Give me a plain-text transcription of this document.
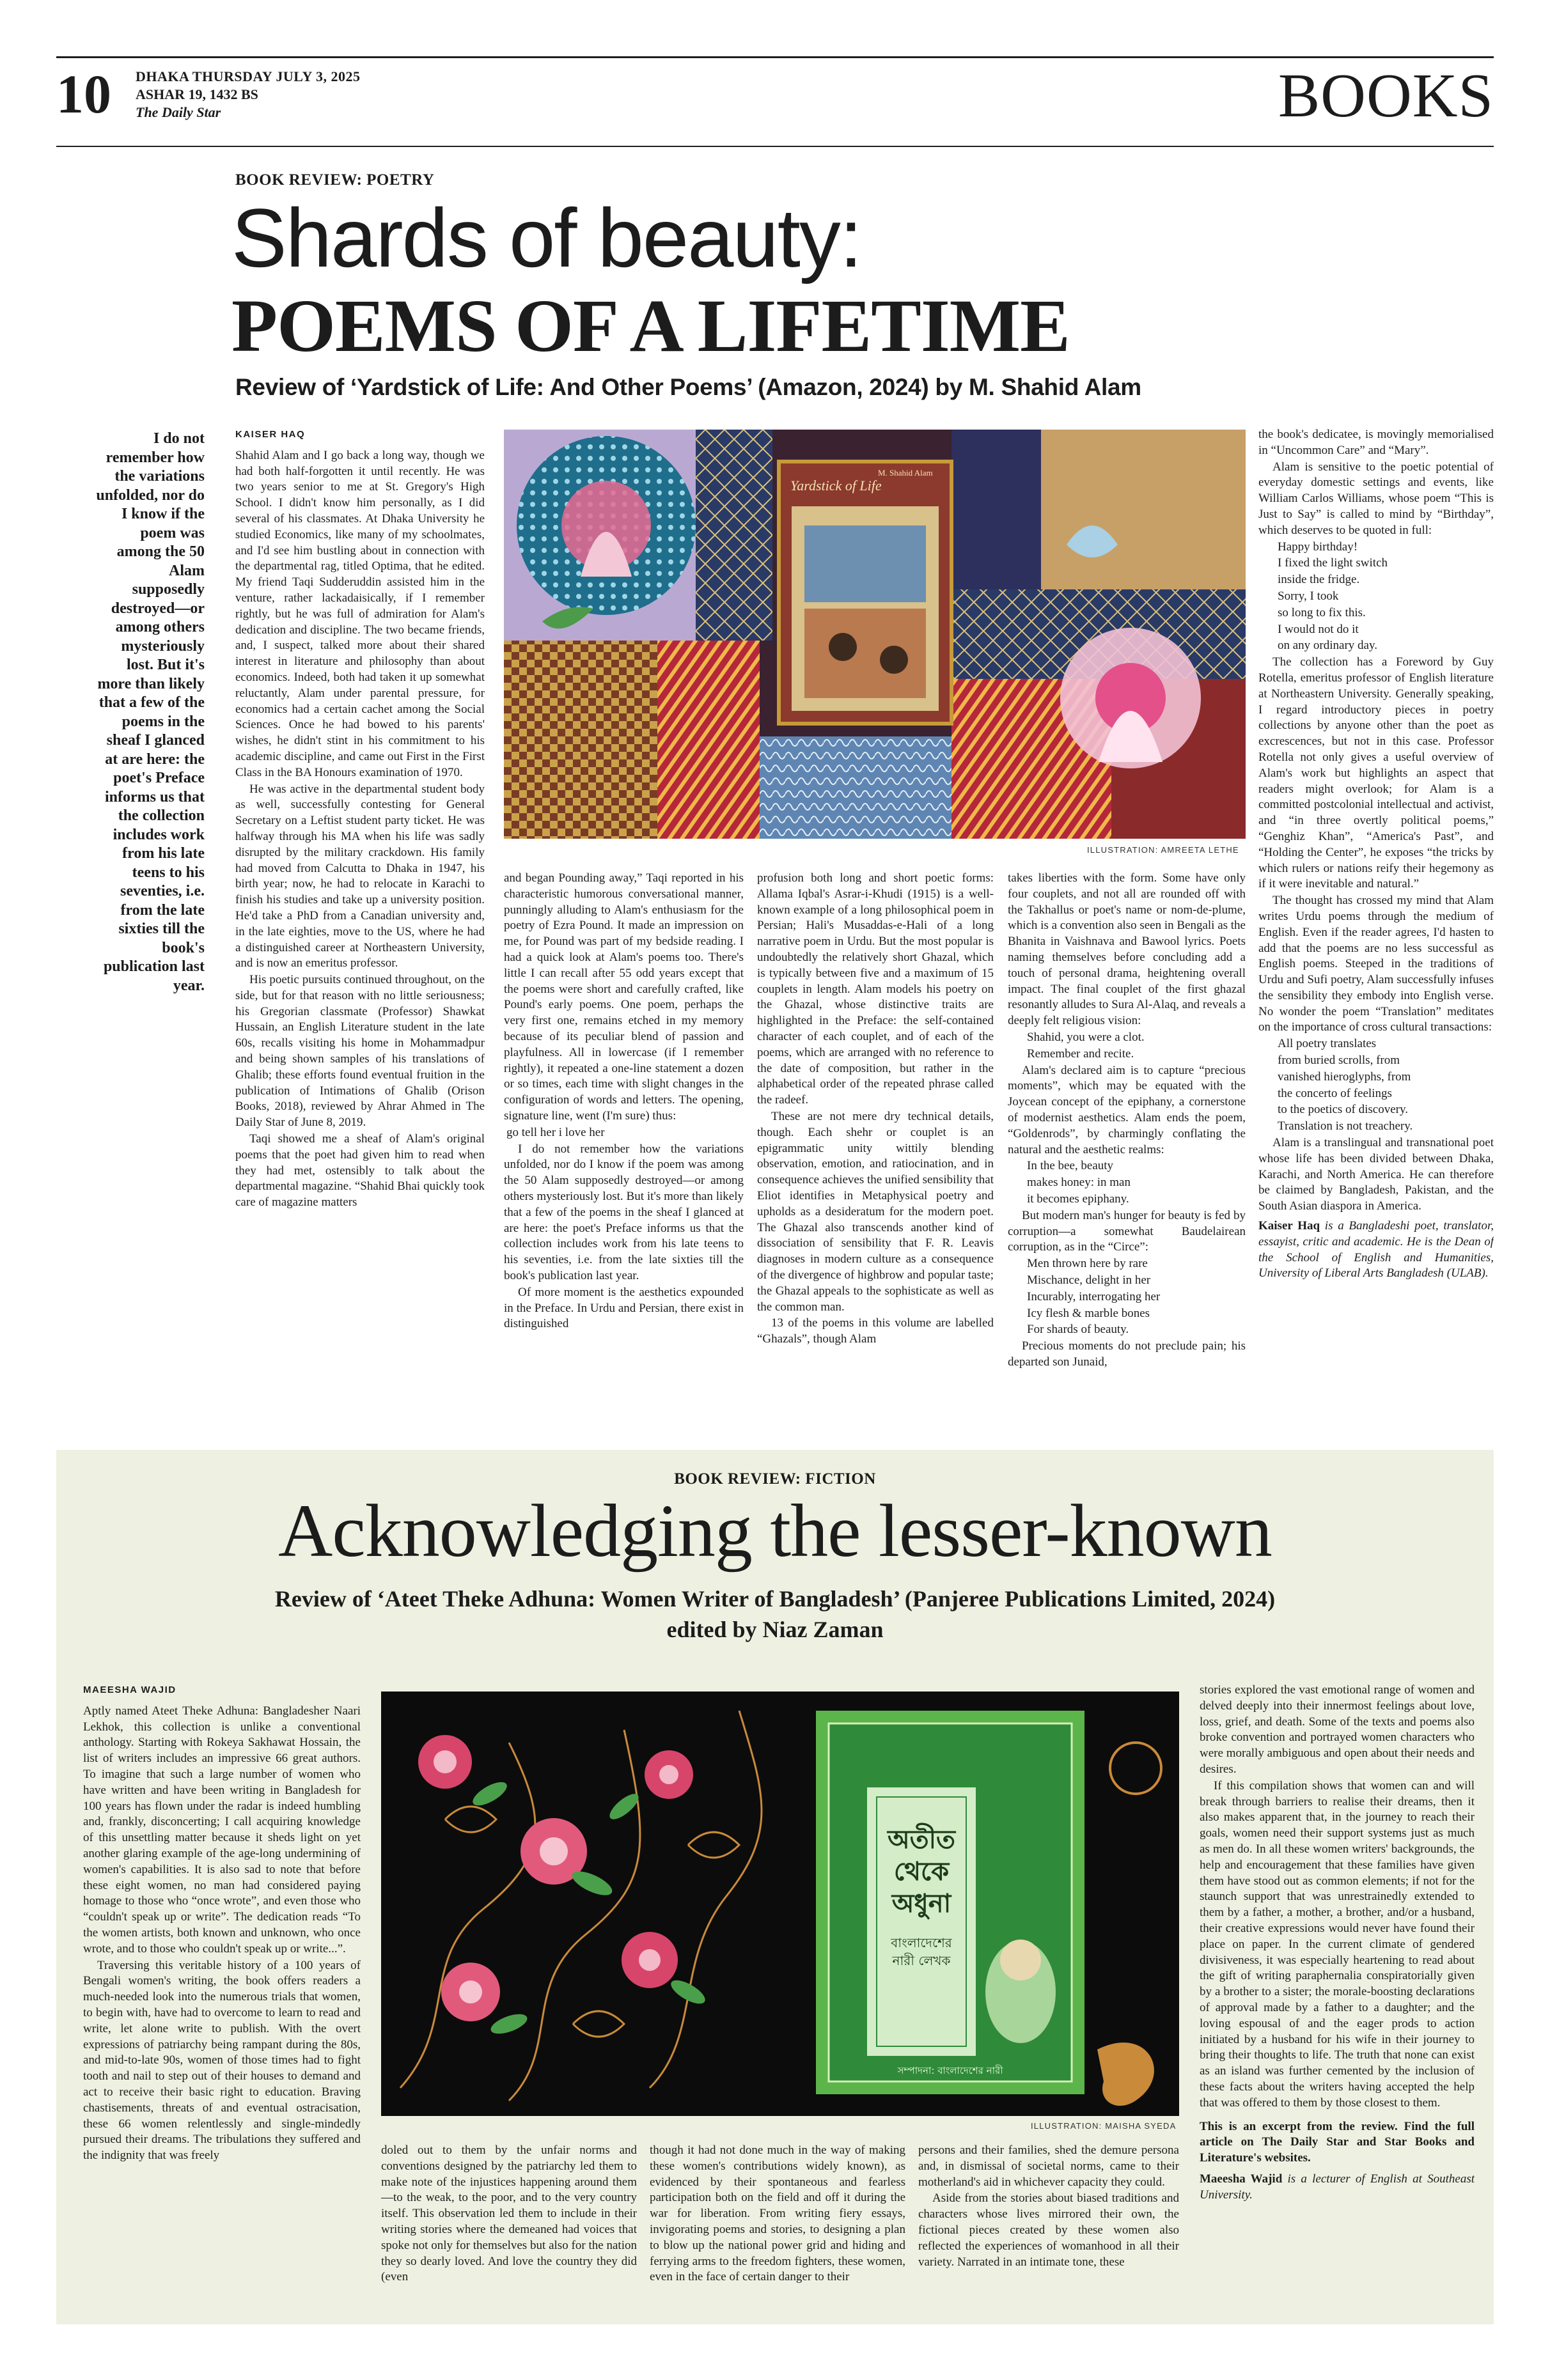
10 DHAKA THURSDAY JULY 3, 2025
ASHAR 19, 1432 BS
The Daily Star	BOOKS
BOOK REVIEW: POETRY
Shards of beauty:
POEMS OF A LIFETIME
Review of ‘Yardstick of Life: And Other Poems’ (Amazon, 2024) by M. Shahid Alam
I do not remember how the variations unfolded, nor do I know if the poem was among the 50 Alam supposedly destroyed—or among others mysteriously lost. But it's more than likely that a few of the poems in the sheaf I glanced at are here: the poet's Preface informs us that the collection includes work from his late teens to his seventies, i.e. from the late sixties till the book's publication last year.
Yardstick of Life
M. Shahid Alam
ILLUSTRATION: AMREETA LETHE
KAISER HAQ

Shahid Alam and I go back a long way, though we had both half-forgotten it until recently. He was two years senior to me at St. Gregory's High School. I didn't know him personally, as I did several of his classmates. At Dhaka University he studied Economics, like many of my schoolmates, and I'd see him bustling about in connection with the departmental rag, titled Optima, that he edited. My friend Taqi Sudderuddin assisted him in the venture, rather lackadaisically, if I remember rightly, but he was full of admiration for Alam's dedication and discipline. The two became friends, and, I suspect, talked more about their shared interest in literature and philosophy than about economics. Indeed, both had taken it up somewhat reluctantly, Alam under parental pressure, for economics had a certain cachet among the Social Sciences. Once he had bowed to his parents' wishes, he didn't stint in his commitment to his academic discipline, and came out First in the First Class in the BA Honours examination of 1970.

He was active in the departmental student body as well, successfully contesting for General Secretary on a Leftist student party ticket. He was halfway through his MA when his life was sadly disrupted by the military crackdown. His family had moved from Calcutta to Dhaka in 1947, his birth year; now, he had to relocate in Karachi to finish his studies and take up a university position. He'd take a PhD from a Canadian university and, in the late eighties, move to the US, where he had a distinguished career at Northeastern University, and is now an emeritus professor.

His poetic pursuits continued throughout, on the side, but for that reason with no little seriousness; his Gregorian classmate (Professor) Shawkat Hussain, an English Literature student in the late 60s, recalls visiting his home in Mohammadpur and being shown samples of his translations of Ghalib; these efforts found eventual fruition in the publication of Intimations of Ghalib (Orison Books, 2018), reviewed by Ahrar Ahmed in The Daily Star of June 8, 2019.

Taqi showed me a sheaf of Alam's original poems that the poet had given him to read when they had met, ostensibly to talk about the departmental magazine. “Shahid Bhai quickly took care of magazine matters

and began Pounding away,” Taqi reported in his characteristic humorous conversational manner, punningly alluding to Alam's enthusiasm for the poetry of Ezra Pound. It made an impression on me, for Pound was part of my bedside reading. I had a quick look at Alam's poems too. There's little I can recall after 55 odd years except that the poems were short and carefully crafted, like Pound's early poems. One poem, perhaps the very first one, remains etched in my memory because of its peculiar blend of passion and playfulness. All in lowercase (if I remember rightly), it repeated a one-line statement a dozen or so times, each time with slight changes in the configuration of words and letters. The opening, signature line, went (I'm sure) thus:

go tell her i love her

I do not remember how the variations unfolded, nor do I know if the poem was among the 50 Alam supposedly destroyed—or among others mysteriously lost. But it's more than likely that a few of the poems in the sheaf I glanced at are here: the poet's Preface informs us that the collection includes work from his late teens to his seventies, i.e. from the late sixties till the book's publication last year.

Of more moment is the aesthetics expounded in the Preface. In Urdu and Persian, there exist in distinguished

profusion both long and short poetic forms: Allama Iqbal's Asrar-i-Khudi (1915) is a well-known example of a long philosophical poem in Persian; Hali's Musaddas-e-Hali of a long narrative poem in Urdu. But the most popular is undoubtedly the relatively short Ghazal, which is typically between five and a maximum of 15 couplets in length. Alam models his poetry on the Ghazal, whose distinctive traits are highlighted in the Preface: the self-contained character of each couplet, and of each of the poems, which are arranged with no reference to the date of composition, but rather in the alphabetical order of the repeated phrase called the radeef.

These are not mere dry technical details, though. Each shehr or couplet is an epigrammatic unity wittily blending observation, emotion, and ratiocination, and in consequence achieves the unified sensibility that Eliot identifies in Metaphysical poetry and upholds as a desideratum for the modern poet. The Ghazal also transcends another kind of dissociation of sensibility that F. R. Leavis diagnoses in modern culture as a consequence of the divergence of highbrow and popular taste; the Ghazal appeals to the sophisticate as well as the common man.

13 of the poems in this volume are labelled “Ghazals”, though Alam

takes liberties with the form. Some have only four couplets, and not all are rounded off with the Takhallus or poet's name or nom-de-plume, which is a convention also seen in Bengali as the Bhanita in Vaishnava and Bawool lyrics. Poets naming themselves before concluding add a touch of personal drama, heightening overall impact. The final couplet of the first ghazal resonantly alludes to Sura Al-Alaq, and reveals a deeply felt religious vision:

Shahid, you were a clot.

Remember and recite.

Alam's declared aim is to capture “precious moments”, which may be equated with the Joycean concept of the epiphany, a cornerstone of modernist aesthetics. Alam ends the poem, “Goldenrods”, by charmingly conflating the natural and the aesthetic realms:

In the bee, beauty

makes honey: in man

it becomes epiphany.

But modern man's hunger for beauty is fed by corruption—a somewhat Baudelairean corruption, as in the “Circe”:

Men thrown here by rare

Mischance, delight in her

Incurably, interrogating her

Icy flesh & marble bones

For shards of beauty.

Precious moments do not preclude pain; his departed son Junaid,

the book's dedicatee, is movingly memorialised in “Uncommon Care” and “Mary”.

Alam is sensitive to the poetic potential of everyday domestic settings and events, like William Carlos Williams, whose poem “This is Just to Say” is called to mind by “Birthday”, which deserves to be quoted in full:

Happy birthday!

I fixed the light switch

inside the fridge.

Sorry, I took

so long to fix this.

I would not do it

on any ordinary day.

The collection has a Foreword by Guy Rotella, emeritus professor of English literature at Northeastern University. Generally speaking, I regard introductory pieces in poetry collections by anyone other than the poet as excrescences, but not in this case. Professor Rotella not only gives a useful overview of Alam's work but highlights an aspect that readers might overlook; for Alam is a committed postcolonial intellectual and activist, and “in three overtly political poems,” “Genghiz Khan”, “America's Past”, and “Holding the Center”, he exposes “the tricks by which rulers or nations reify their hegemony as if it were inevitable and natural.”

The thought has crossed my mind that Alam writes Urdu poems through the medium of English. Even if the reader agrees, I'd hasten to add that the poems are no less successful as English poems. Steeped in the traditions of Urdu and Sufi poetry, Alam successfully infuses the sensibility they embody into English verse. No wonder the poem “Translation” meditates on the importance of cross cultural transactions:

All poetry translates

from buried scrolls, from

vanished hieroglyphs, from

the concerto of feelings

to the poetics of discovery.

Translation is not treachery.

Alam is a translingual and transnational poet whose life has been divided between Dhaka, Karachi, and North America. He can therefore be claimed by Bangladesh, Pakistan, and the South Asian diaspora in America.

Kaiser Haq is a Bangladeshi poet, translator, essayist, critic and academic. He is the Dean of the School of English and Humanities, University of Liberal Arts Bangladesh (ULAB).

BOOK REVIEW: FICTION
Acknowledging the lesser-known
Review of ‘Ateet Theke Adhuna: Women Writer of Bangladesh’ (Panjeree Publications Limited, 2024)
edited by Niaz Zaman
অতীত
থেকে
অধুনা
বাংলাদেশের
নারী লেখক
সম্পাদনা: বাংলাদেশের নারী
ILLUSTRATION: MAISHA SYEDA
MAEESHA WAJID

Aptly named Ateet Theke Adhuna: Bangladesher Naari Lekhok, this collection is unlike a conventional anthology. Starting with Rokeya Sakhawat Hossain, the list of writers includes an impressive 66 great authors. To imagine that such a large number of women who have written and have been writing in Bangladesh for 100 years has flown under the radar is indeed humbling and, frankly, disconcerting; I call acquiring knowledge of this unsettling matter because it sheds light on yet another glaring example of the age-long undermining of women's capabilities. It is also sad to note that before these eight women, no man had considered paying homage to those who “once wrote”, and even those who “couldn't speak up or write”. The dedication reads “To the women artists, both known and unknown, who once wrote, and to those who couldn't speak up or write...”.

Traversing this veritable history of a 100 years of Bengali women's writing, the book offers readers a much-needed look into the numerous trials that women, to begin with, have had to overcome to learn to read and write, let alone write to publish. With the overt expressions of patriarchy being rampant during the 80s, and mid-to-late 90s, women of those times had to fight tooth and nail to step out of their houses to demand and act to receive their basic right to education. Braving chastisements, threats of and eventual ostracisation, these 66 women relentlessly and single-mindedly pursued their dreams. The tribulations they suffered and the indignity that was freely	doled out to them by the unfair norms and conventions designed by the patriarchy led them to make note of the injustices happening around them—to the weak, to the poor, and to the very country itself. This observation led them to include in their writing stories where the demeaned had voices that spoke not only for themselves but also for the nation they so dearly loved. And love the country they did (even

though it had not done much in the way of making these women's contributions widely known), as evidenced by their spontaneous and fearless participation both on the field and off it during the war for liberation. From writing fiery essays, invigorating poems and stories, to designing a plan to blow up the national power grid and hiding and ferrying arms to the freedom fighters, these women, even in the face of certain danger to their

persons and their families, shed the demure persona and, in dismissal of societal norms, came to their motherland's aid in whichever capacity they could.

Aside from the stories about biased traditions and characters whose lives mirrored their own, the fictional pieces created by these women also reflected the experiences of womanhood in all their variety. Narrated in an intimate tone, these

stories explored the vast emotional range of women and delved deeply into their innermost feelings about love, loss, grief, and death. Some of the texts and poems also broke convention and portrayed women characters who were morally ambiguous and open about their needs and desires.

If this compilation shows that women can and will break through barriers to realise their dreams, then it also makes apparent that, in the journey to reach their goals, women need their support systems just as much as men do. In all these women writers' backgrounds, the help and encouragement that these families have given them have stood out as common elements; if not for the staunch support that was unrestrainedly extended to them by a father, a mother, a brother, and/or a husband, their creative expressions would never have found their place on paper. In the current climate of gendered divisiveness, it was especially heartening to read about the gift of writing paraphernalia conspiratorially given by a brother to a sister; the morale-boosting declarations of approval made by a father to a daughter; and the loving espousal of and the eager prods to action initiated by a husband for his wife in their journey to bring their thoughts to life. The truth that none can exist as an island was further cemented by the inclusion of these facts about the writers having accepted the help that was offered to them by those closest to them.

This is an excerpt from the review. Find the full article on The Daily Star and Star Books and Literature's websites.

Maeesha Wajid is a lecturer of English at Southeast University.
